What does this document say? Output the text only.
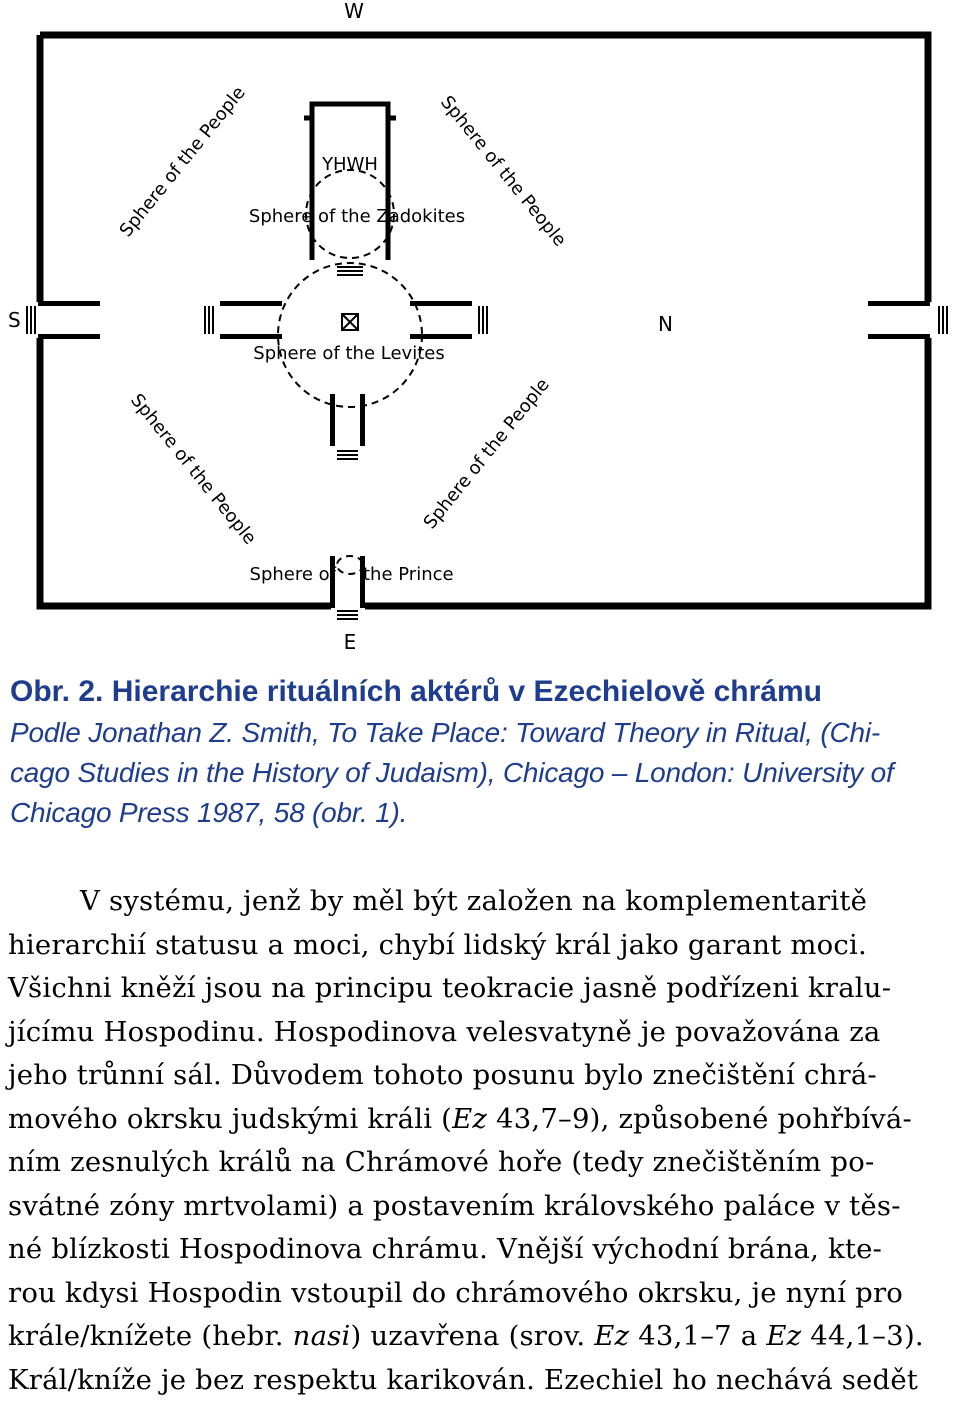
W
S	N
E
YHWH
Sphere of the Zadokites
Sphere of the Levites
Sphere of the Prince
Sphere of the People	Sphere of the People
Sphere of the People	Sphere of the People
Obr. 2. Hierarchie rituálních aktérů v Ezechielově chrámu
Podle Jonathan Z. Smith, To Take Place: Toward Theory in Ritual, (Chi-
cago Studies in the History of Judaism), Chicago – London: University of
Chicago Press 1987, 58 (obr. 1).
V systému, jenž by měl být založen na komplementaritě
hierarchií statusu a moci, chybí lidský král jako garant moci.
Všichni kněží jsou na principu teokracie jasně podřízeni kralu-
jícímu Hospodinu. Hospodinova velesvatyně je považována za
jeho trůnní sál. Důvodem tohoto posunu bylo znečištění chrá-
mového okrsku judskými králi (Ez 43,7–9), způsobené pohřbívá-
ním zesnulých králů na Chrámové hoře (tedy znečištěním po-
svátné zóny mrtvolami) a postavením královského paláce v těs-
né blízkosti Hospodinova chrámu. Vnější východní brána, kte-
rou kdysi Hospodin vstoupil do chrámového okrsku, je nyní pro
krále/knížete (hebr. nasi) uzavřena (srov. Ez 43,1–7 a Ez 44,1–3).
Král/kníže je bez respektu karikován. Ezechiel ho nechává sedět
